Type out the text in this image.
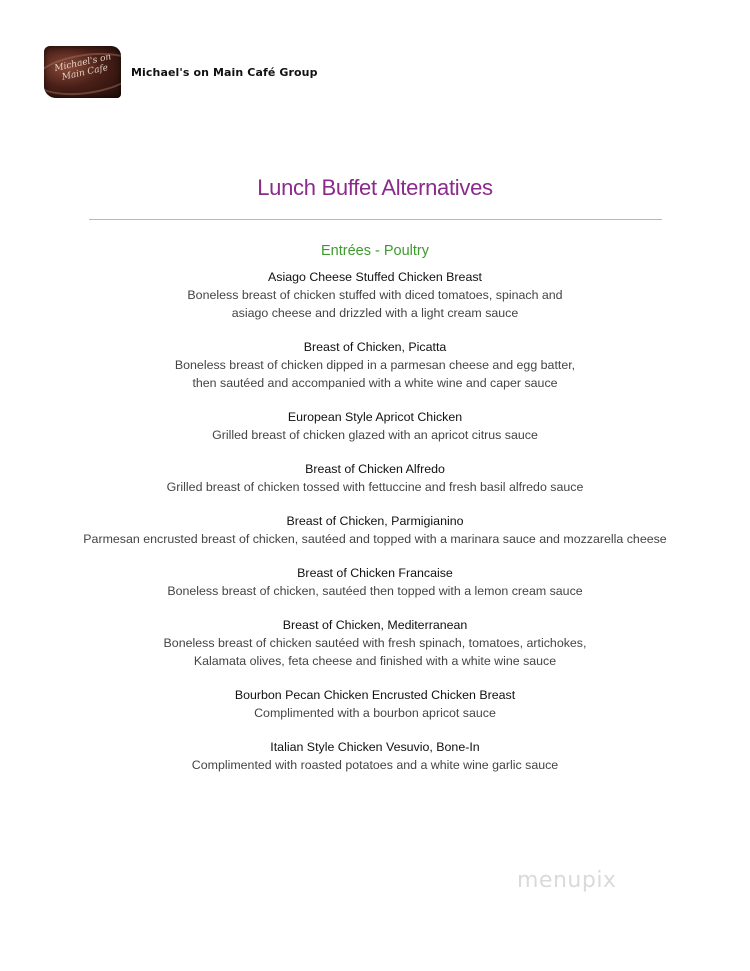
Michael's on Main Cafe	Michael's on Main Café Group
Lunch Buffet Alternatives
Entrées - Poultry
Asiago Cheese Stuffed Chicken Breast
Boneless breast of chicken stuffed with diced tomatoes, spinach and
asiago cheese and drizzled with a light cream sauce
Breast of Chicken, Picatta
Boneless breast of chicken dipped in a parmesan cheese and egg batter,
then sautéed and accompanied with a white wine and caper sauce
European Style Apricot Chicken
Grilled breast of chicken glazed with an apricot citrus sauce
Breast of Chicken Alfredo
Grilled breast of chicken tossed with fettuccine and fresh basil alfredo sauce
Breast of Chicken, Parmigianino
Parmesan encrusted breast of chicken, sautéed and topped with a marinara sauce and mozzarella cheese
Breast of Chicken Francaise
Boneless breast of chicken, sautéed then topped with a lemon cream sauce
Breast of Chicken, Mediterranean
Boneless breast of chicken sautéed with fresh spinach, tomatoes, artichokes,
Kalamata olives, feta cheese and finished with a white wine sauce
Bourbon Pecan Chicken Encrusted Chicken Breast
Complimented with a bourbon apricot sauce
Italian Style Chicken Vesuvio, Bone-In
Complimented with roasted potatoes and a white wine garlic sauce
menupix
